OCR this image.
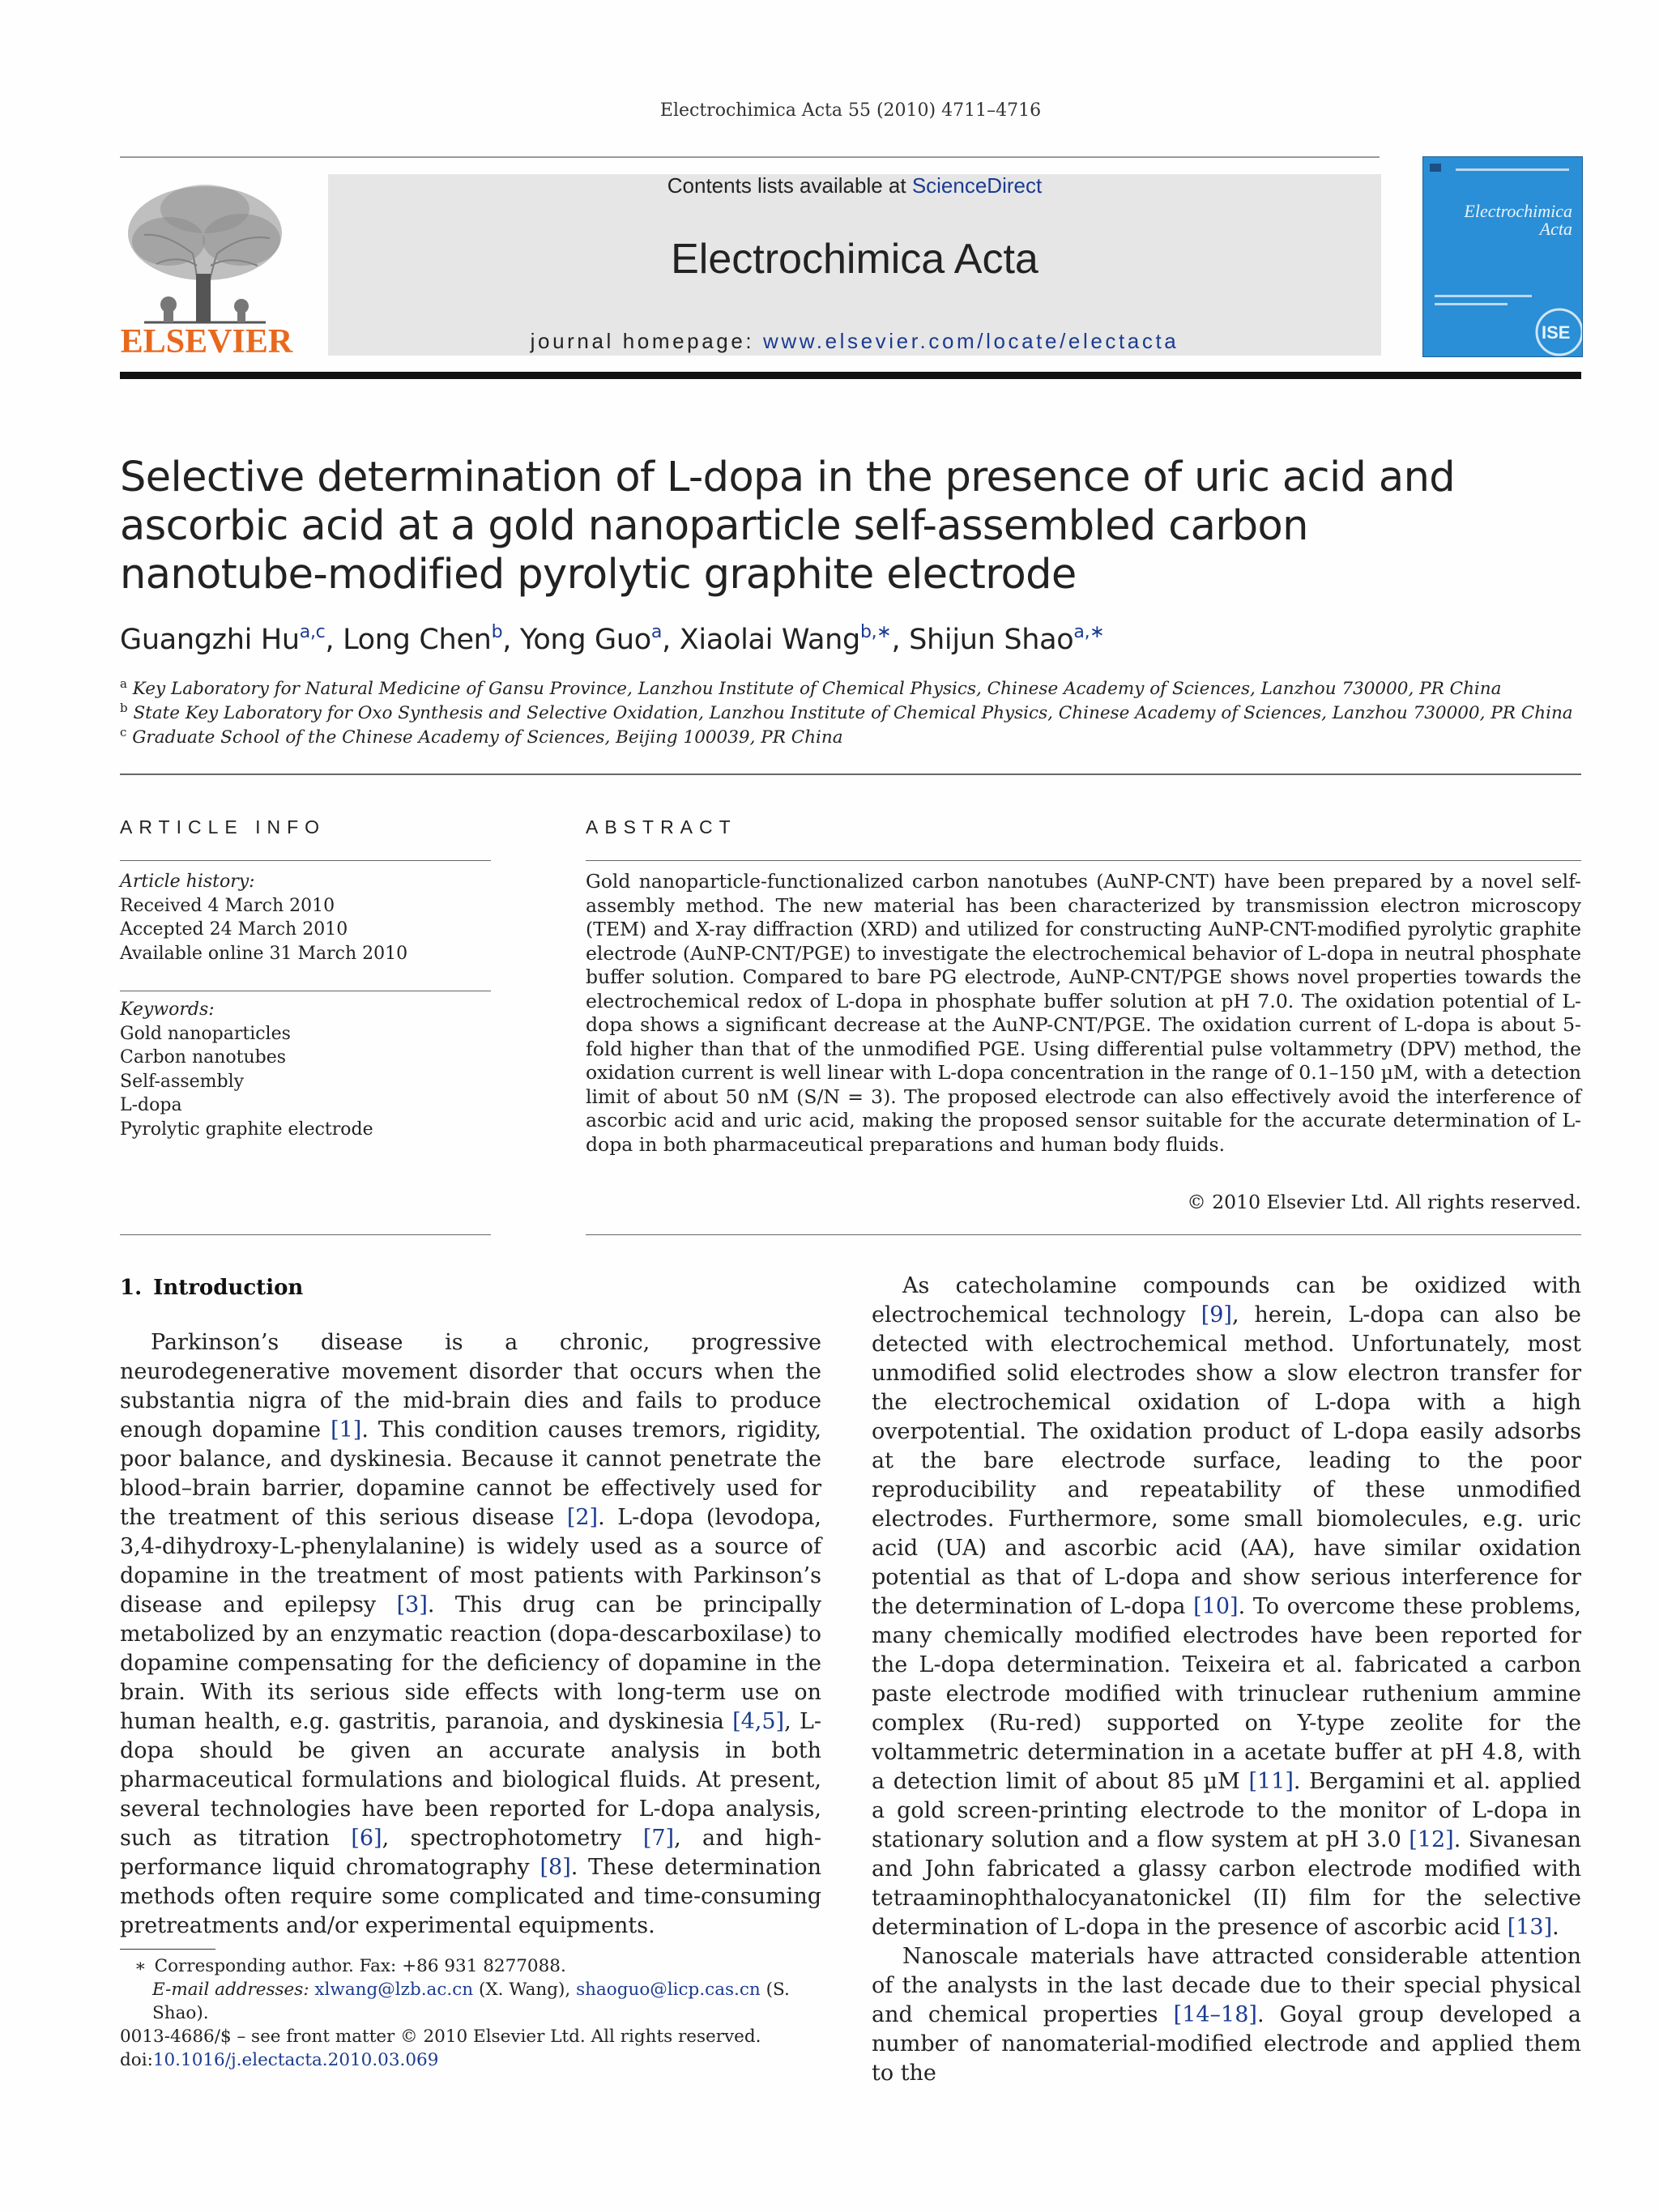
Electrochimica Acta 55 (2010) 4711–4716
ELSEVIER
Contents lists available at ScienceDirect
Electrochimica Acta
journal homepage: www.elsevier.com/locate/electacta
Electrochimica
Acta
ISE
Selective determination of L-dopa in the presence of uric acid and ascorbic acid at a gold nanoparticle self-assembled carbon nanotube-modified pyrolytic graphite electrode
Guangzhi Hu$^{a,c}$, Long Chen$^b$, Yong Guo$^a$, Xiaolai Wang$^{b,∗}$, Shijun Shao$^{a,∗}$
$^a$ Key Laboratory for Natural Medicine of Gansu Province, Lanzhou Institute of Chemical Physics, Chinese Academy of Sciences, Lanzhou 730000, PR China
$^b$ State Key Laboratory for Oxo Synthesis and Selective Oxidation, Lanzhou Institute of Chemical Physics, Chinese Academy of Sciences, Lanzhou 730000, PR China
$^c$ Graduate School of the Chinese Academy of Sciences, Beijing 100039, PR China
ARTICLE INFO	ABSTRACT
Article history:
Received 4 March 2010
Accepted 24 March 2010
Available online 31 March 2010
Keywords:
Gold nanoparticles
Carbon nanotubes
Self-assembly
L-dopa
Pyrolytic graphite electrode
Gold nanoparticle-functionalized carbon nanotubes (AuNP-CNT) have been prepared by a novel self-assembly method. The new material has been characterized by transmission electron microscopy (TEM) and X-ray diffraction (XRD) and utilized for constructing AuNP-CNT-modified pyrolytic graphite electrode (AuNP-CNT/PGE) to investigate the electrochemical behavior of L-dopa in neutral phosphate buffer solution. Compared to bare PG electrode, AuNP-CNT/PGE shows novel properties towards the electrochemical redox of L-dopa in phosphate buffer solution at pH 7.0. The oxidation potential of L-dopa shows a significant decrease at the AuNP-CNT/PGE. The oxidation current of L-dopa is about 5-fold higher than that of the unmodified PGE. Using differential pulse voltammetry (DPV) method, the oxidation current is well linear with L-dopa concentration in the range of 0.1–150 µM, with a detection limit of about 50 nM (S/N = 3). The proposed electrode can also effectively avoid the interference of ascorbic acid and uric acid, making the proposed sensor suitable for the accurate determination of L-dopa in both pharmaceutical preparations and human body fluids.
© 2010 Elsevier Ltd. All rights reserved.
1. Introduction

Parkinson’s disease is a chronic, progressive neurodegenerative movement disorder that occurs when the substantia nigra of the mid-brain dies and fails to produce enough dopamine [1]. This condition causes tremors, rigidity, poor balance, and dyskinesia. Because it cannot penetrate the blood–brain barrier, dopamine cannot be effectively used for the treatment of this serious disease [2]. L-dopa (levodopa, 3,4-dihydroxy-L-phenylalanine) is widely used as a source of dopamine in the treatment of most patients with Parkinson’s disease and epilepsy [3]. This drug can be principally metabolized by an enzymatic reaction (dopa-descarboxilase) to dopamine compensating for the deficiency of dopamine in the brain. With its serious side effects with long-term use on human health, e.g. gastritis, paranoia, and dyskinesia [4,5], L-dopa should be given an accurate analysis in both pharmaceutical formulations and biological fluids. At present, several technologies have been reported for L-dopa analysis, such as titration [6], spectrophotometry [7], and high-performance liquid chromatography [8]. These determination methods often require some complicated and time-consuming pretreatments and/or experimental equipments.

As catecholamine compounds can be oxidized with electrochemical technology [9], herein, L-dopa can also be detected with electrochemical method. Unfortunately, most unmodified solid electrodes show a slow electron transfer for the electrochemical oxidation of L-dopa with a high overpotential. The oxidation product of L-dopa easily adsorbs at the bare electrode surface, leading to the poor reproducibility and repeatability of these unmodified electrodes. Furthermore, some small biomolecules, e.g. uric acid (UA) and ascorbic acid (AA), have similar oxidation potential as that of L-dopa and show serious interference for the determination of L-dopa [10]. To overcome these problems, many chemically modified electrodes have been reported for the L-dopa determination. Teixeira et al. fabricated a carbon paste electrode modified with trinuclear ruthenium ammine complex (Ru-red) supported on Y-type zeolite for the voltammetric determination in a acetate buffer at pH 4.8, with a detection limit of about 85 µM [11]. Bergamini et al. applied a gold screen-printing electrode to the monitor of L-dopa in stationary solution and a flow system at pH 3.0 [12]. Sivanesan and John fabricated a glassy carbon electrode modified with tetraaminophthalocyanatonickel (II) film for the selective determination of L-dopa in the presence of ascorbic acid [13].

Nanoscale materials have attracted considerable attention of the analysts in the last decade due to their special physical and chemical properties [14–18]. Goyal group developed a number of nanomaterial-modified electrode and applied them to the

∗ Corresponding author. Fax: +86 931 8277088.
E-mail addresses: xlwang@lzb.ac.cn (X. Wang), shaoguo@licp.cas.cn (S. Shao).
0013-4686/$ – see front matter © 2010 Elsevier Ltd. All rights reserved.
doi:10.1016/j.electacta.2010.03.069
